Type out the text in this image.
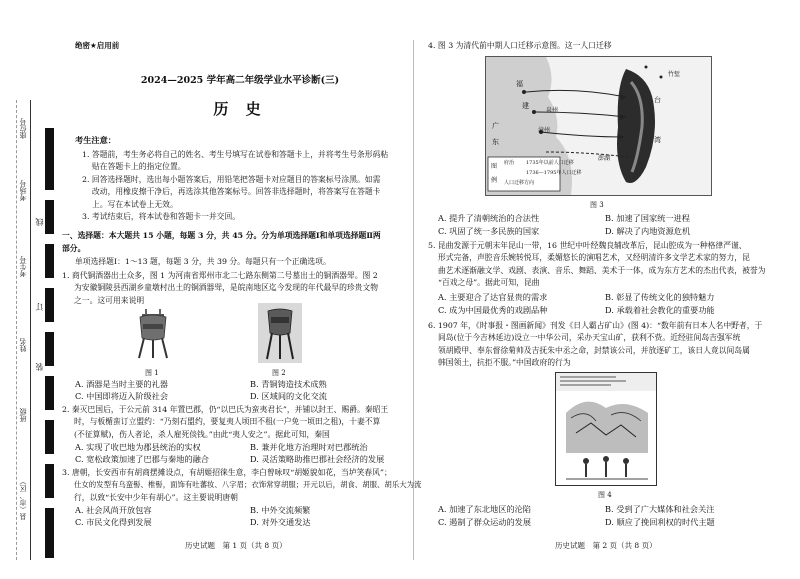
座位号
考场号
考生号
姓名
班级
县（市、区）
线
订
装
绝密★启用前
2024—2025 学年高二年级学业水平诊断(三)
历 史
考生注意：
1. 答题前，考生务必将自己的姓名、考生号填写在试卷和答题卡上，并将考生号条形码粘
贴在答题卡上的指定位置。
2. 回答选择题时，选出每小题答案后，用铅笔把答题卡对应题目的答案标号涂黑。如需
改动，用橡皮擦干净后，再选涂其他答案标号。回答非选择题时，将答案写在答题卡
上。写在本试卷上无效。
3. 考试结束后，将本试卷和答题卡一并交回。
一、选择题：本大题共 15 小题，每题 3 分，共 45 分。分为单项选择题Ⅰ和单项选择题Ⅱ两
部分。
单项选择题Ⅰ：1～13 题，每题 3 分，共 39 分。每题只有一个正确选项。
1. 商代铜酒器出土众多，图 1 为河南省郑州市北二七路东侧第二号墓出土的铜酒器斝。图 2
为安徽铜陵县西湖乡童墩村出土的铜酒器斝，是皖南地区迄今发现的年代最早的珍贵文物
之一。这可用来说明
图 1	图 2
A. 酒器是当时主要的礼器	B. 青铜铸造技术成熟
C. 中国即将迈入阶级社会	D. 区域间的文化交流
2. 秦灭巴国后，于公元前 314 年置巴郡，仍“以巴氏为蛮夷君长”，并铺以封王、赐爵。秦昭王
时，与板楯蛮订立盟约：“乃刻石盟约，要复夷人顷田不租(一户免一顷田之租)，十妻不算
(不征算赋)，伤人者论，杀人雇死倓钱。”由此“夷人安之”。据此可知，秦国
A. 实现了收巴地为郡县统治的实权	B. 兼并化地方治理时对巴郡统治
C. 宽松政策加速了巴郡与秦地的融合	D. 灵活策略助推巴郡社会经济的发展
3. 唐朝，长安西市有胡商摆摊设点，有胡姬招徕生意，李白曾咏叹“胡姬貌如花，当垆笑春风”；
仕女的发型有乌蛮髻、椎髻，面饰有吐蕃妆、八字眉；衣饰常穿胡服；开元以后，胡食、胡服、胡乐大为流
行，以致“长安中少年有胡心”。这主要说明唐朝
A. 社会风尚开放包容	B. 中外交流频繁
C. 市民文化得到发展	D. 对外交通发达
历史试题　第 1 页（共 8 页）
4. 图 3 为清代前中期人口迁移示意图。这一人口迁移
福
建
泉州
漳州
广
东
台
湾
澎湖
竹堑
图
例
府治 1735年以前人口迁移
1736—1795年人口迁移
人口迁移方向
图 3
A. 提升了清朝统治的合法性	B. 加速了国家统一进程
C. 巩固了统一多民族的国家	D. 解决了内地资源危机
5. 昆曲发源于元朝末年昆山一带，16 世纪中叶经魏良辅改革后，昆山腔成为一种格律严谨、
形式完备，声腔音乐婉转悦耳，柔媚悠长的演唱艺术，又经明清许多文学艺术家的努力，昆
曲艺术逐渐融文学、戏剧、表演、音乐、舞蹈、美术于一体，成为东方艺术的杰出代表，被誉为
“百戏之母”。据此可知，昆曲
A. 主要迎合了达官显贵的需求	B. 彰显了传统文化的独特魅力
C. 成为中国最优秀的戏剧品种	D. 承载着社会教化的重要功能
6. 1907 年，《时事报・图画新闻》刊发《日人霸占矿山》(图 4)：“数年前有日本人名中野者，于
间岛(位于今吉林延边)设立一中华公司，采办天宝山矿，获利不赀。近经驻间岛吉强军统
领胡殿甲、奉东督徐菊帅及吉抚朱中丞之命，封禁该公司，并放逐矿工，该日人竟以间岛属
韩国领土，抗拒不服。”中国政府的行为
图 4
A. 加速了东北地区的沦陷	B. 受到了广大媒体和社会关注
C. 遏制了群众运动的发展	D. 顺应了挽回利权的时代主题
历史试题　第 2 页（共 8 页）
